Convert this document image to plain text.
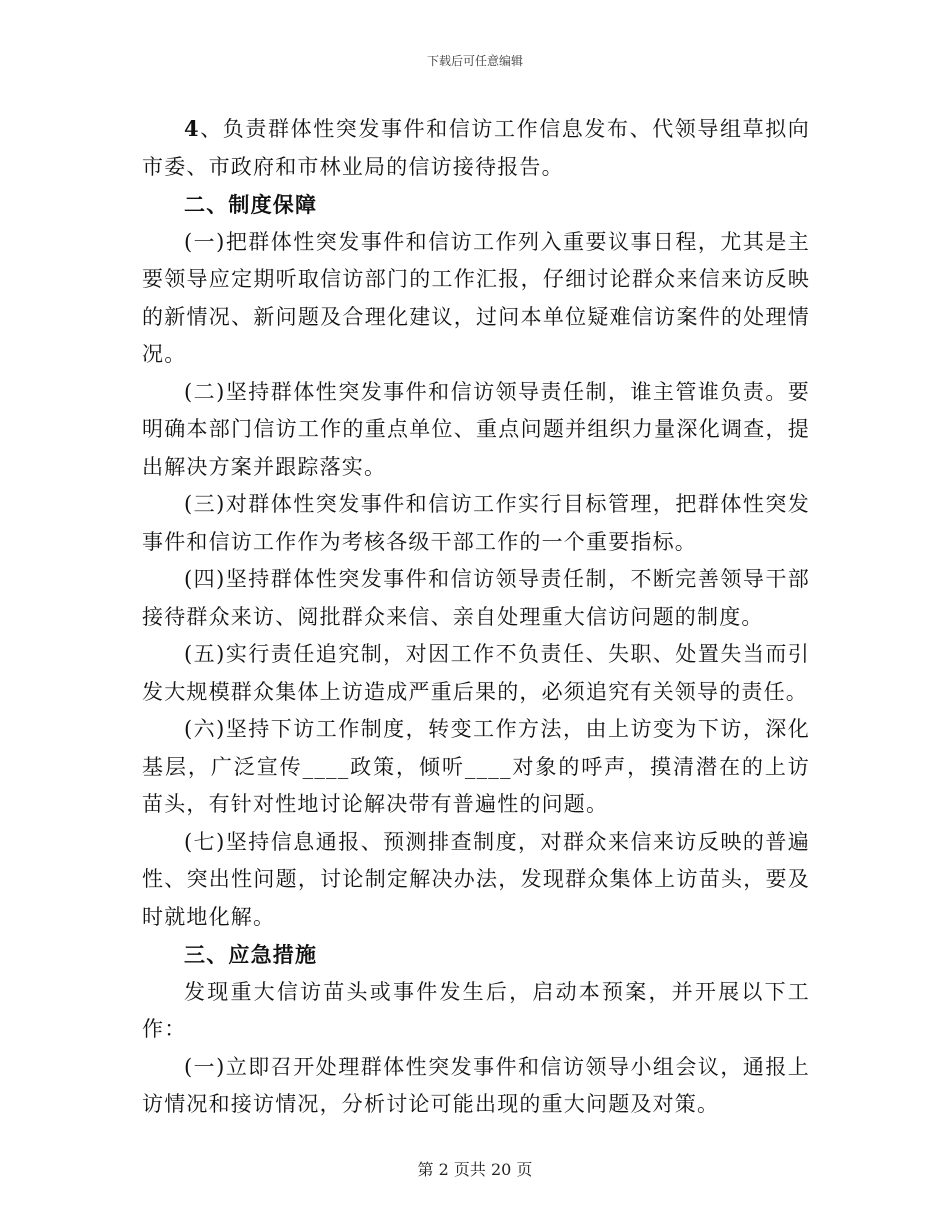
下载后可任意编辑

4、负责群体性突发事件和信访工作信息发布、代领导组草拟向市委、市政府和市林业局的信访接待报告。

二、制度保障

(一)把群体性突发事件和信访工作列入重要议事日程，尤其是主要领导应定期听取信访部门的工作汇报，仔细讨论群众来信来访反映的新情况、新问题及合理化建议，过问本单位疑难信访案件的处理情况。

(二)坚持群体性突发事件和信访领导责任制，谁主管谁负责。要明确本部门信访工作的重点单位、重点问题并组织力量深化调查，提出解决方案并跟踪落实。

(三)对群体性突发事件和信访工作实行目标管理，把群体性突发事件和信访工作作为考核各级干部工作的一个重要指标。

(四)坚持群体性突发事件和信访领导责任制，不断完善领导干部接待群众来访、阅批群众来信、亲自处理重大信访问题的制度。

(五)实行责任追究制，对因工作不负责任、失职、处置失当而引发大规模群众集体上访造成严重后果的，必须追究有关领导的责任。

(六)坚持下访工作制度，转变工作方法，由上访变为下访，深化基层，广泛宣传____政策，倾听____对象的呼声，摸清潜在的上访苗头，有针对性地讨论解决带有普遍性的问题。

(七)坚持信息通报、预测排查制度，对群众来信来访反映的普遍性、突出性问题，讨论制定解决办法，发现群众集体上访苗头，要及时就地化解。

三、应急措施

发现重大信访苗头或事件发生后，启动本预案，并开展以下工作：

(一)立即召开处理群体性突发事件和信访领导小组会议，通报上访情况和接访情况，分析讨论可能出现的重大问题及对策。

第 2 页共 20 页
